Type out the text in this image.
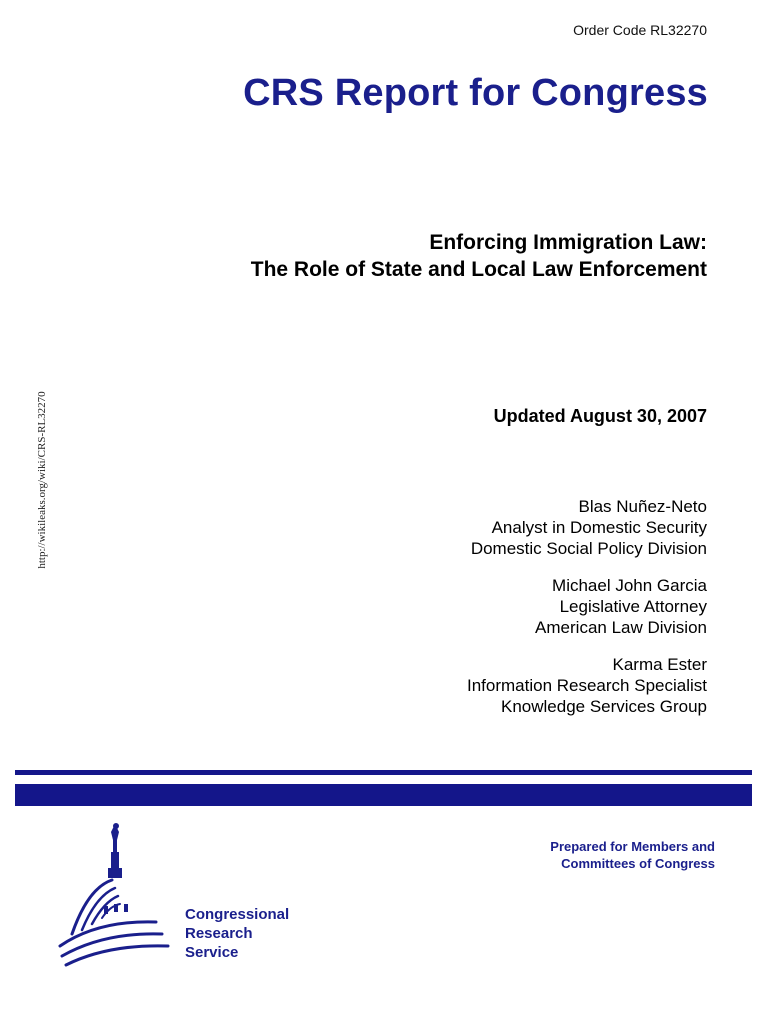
Order Code RL32270
CRS Report for Congress
Enforcing Immigration Law:
The Role of State and Local Law Enforcement
http://wikileaks.org/wiki/CRS-RL32270	Updated August 30, 2007
Blas Nuñez-Neto
Analyst in Domestic Security
Domestic Social Policy Division
Michael John Garcia
Legislative Attorney
American Law Division
Karma Ester
Information Research Specialist
Knowledge Services Group
Congressional
Research
Service
Prepared for Members and
Committees of Congress
